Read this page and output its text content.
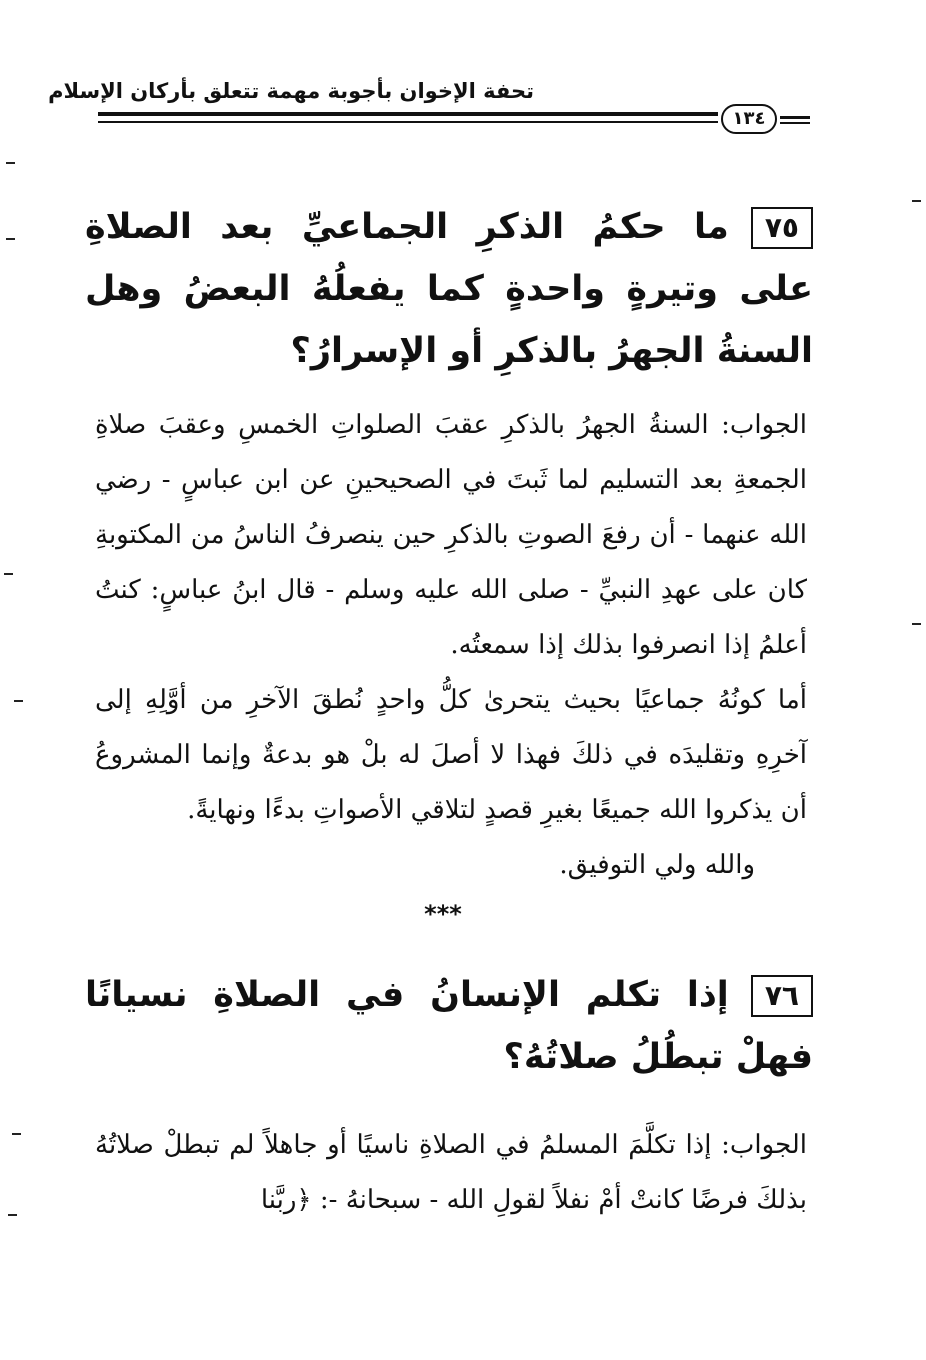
تحفة الإخوان بأجوبة مهمة تتعلق بأركان الإسلام
١٣٤
٧٥ما حكمُ الذكرِ الجماعيِّ بعد الصلاةِ على وتيرةٍ واحدةٍ كما يفعلُهُ البعضُ وهل السنةُ الجهرُ بالذكرِ أو الإسرارُ؟

الجواب: السنةُ الجهرُ بالذكرِ عقبَ الصلواتِ الخمسِ وعقبَ صلاةِ الجمعةِ بعد التسليم لما ثَبتَ في الصحيحينِ عن ابن عباسٍ - رضي الله عنهما - أن رفعَ الصوتِ بالذكرِ حين ينصرفُ الناسُ من المكتوبةِ كان على عهدِ النبيِّ - صلى الله عليه وسلم - قال ابنُ عباسٍ: كنتُ أعلمُ إذا انصرفوا بذلك إذا سمعتُه.

أما كونُهُ جماعيًا بحيث يتحرىٰ كلُّ واحدٍ نُطقَ الآخرِ من أوَّلِهِ إلى آخرِهِ وتقليدَه في ذلكَ فهذا لا أصلَ له بلْ هو بدعةٌ وإنما المشروعُ أن يذكروا الله جميعًا بغيرِ قصدٍ لتلاقي الأصواتِ بدءًا ونهايةً.

والله ولي التوفيق.

***
٧٦إذا تكلم الإنسانُ في الصلاةِ نسيانًا فهلْ تبطُلُ صلاتُهُ؟

الجواب: إذا تكلَّمَ المسلمُ في الصلاةِ ناسيًا أو جاهلاً لم تبطلْ صلاتُهُ بذلكَ فرضًا كانتْ أمْ نفلاً لقولِ الله - سبحانهُ -: ﴿ربَّنا
